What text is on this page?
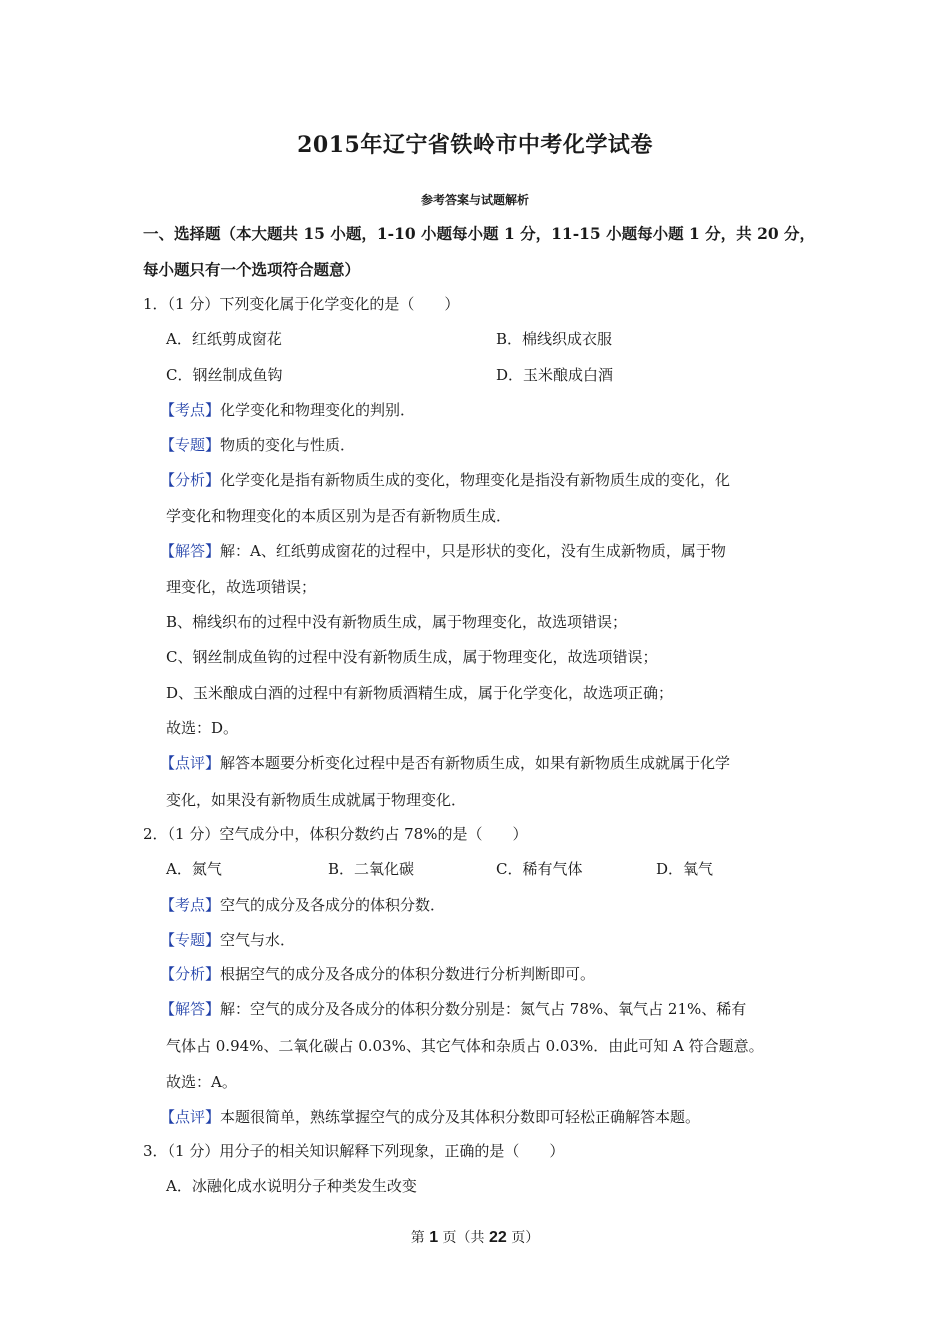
2015年辽宁省铁岭市中考化学试卷
参考答案与试题解析
一、选择题（本大题共 15 小题，1-10 小题每小题 1 分，11-15 小题每小题 1 分，共 20 分，
每小题只有一个选项符合题意）
1．（1 分）下列变化属于化学变化的是（　　）
A．红纸剪成窗花	B．棉线织成衣服
C．钢丝制成鱼钩	D．玉米酿成白酒
【考点】化学变化和物理变化的判别．
【专题】物质的变化与性质．
【分析】化学变化是指有新物质生成的变化，物理变化是指没有新物质生成的变化，化
学变化和物理变化的本质区别为是否有新物质生成．
【解答】解：A、红纸剪成窗花的过程中，只是形状的变化，没有生成新物质，属于物
理变化，故选项错误；
B、棉线织布的过程中没有新物质生成，属于物理变化，故选项错误；
C、钢丝制成鱼钩的过程中没有新物质生成，属于物理变化，故选项错误；
D、玉米酿成白酒的过程中有新物质酒精生成，属于化学变化，故选项正确；
故选：D。
【点评】解答本题要分析变化过程中是否有新物质生成，如果有新物质生成就属于化学
变化，如果没有新物质生成就属于物理变化．
2．（1 分）空气成分中，体积分数约占 78%的是（　　）
A．氮气	B．二氧化碳	C．稀有气体	D．氧气
【考点】空气的成分及各成分的体积分数．
【专题】空气与水．
【分析】根据空气的成分及各成分的体积分数进行分析判断即可。
【解答】解：空气的成分及各成分的体积分数分别是：氮气占 78%、氧气占 21%、稀有
气体占 0.94%、二氧化碳占 0.03%、其它气体和杂质占 0.03%．由此可知 A 符合题意。
故选：A。
【点评】本题很简单，熟练掌握空气的成分及其体积分数即可轻松正确解答本题。
3．（1 分）用分子的相关知识解释下列现象，正确的是（　　）
A．冰融化成水说明分子种类发生改变
第 1 页（共 22 页）
